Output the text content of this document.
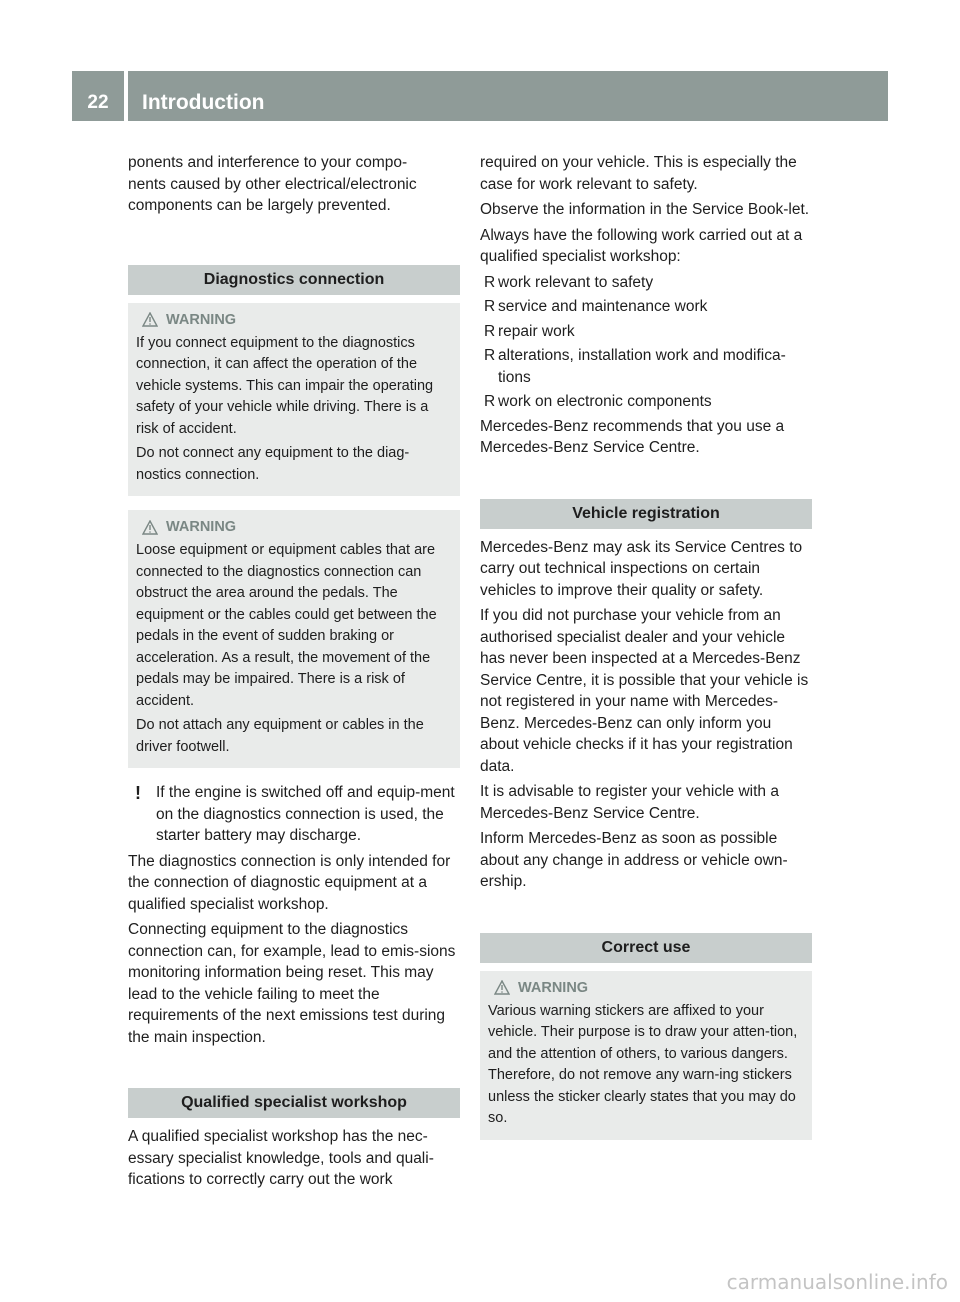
22	Introduction

ponents and interference to your compo-
nents caused by other electrical/electronic
components can be largely prevented.

Diagnostics connection
WARNING

If you connect equipment to the diagnostics connection, it can affect the operation of the vehicle systems. This can impair the operating safety of your vehicle while driving. There is a risk of accident.

Do not connect any equipment to the diag-nostics connection.

WARNING

Loose equipment or equipment cables that are connected to the diagnostics connection can obstruct the area around the pedals. The equipment or the cables could get between the pedals in the event of sudden braking or acceleration. As a result, the movement of the pedals may be impaired. There is a risk of accident.

Do not attach any equipment or cables in the driver footwell.

! If the engine is switched off and equip-ment on the diagnostics connection is used, the starter battery may discharge.

The diagnostics connection is only intended for the connection of diagnostic equipment at a qualified specialist workshop.

Connecting equipment to the diagnostics connection can, for example, lead to emis-sions monitoring information being reset. This may lead to the vehicle failing to meet the requirements of the next emissions test during the main inspection.

Qualified specialist workshop

A qualified specialist workshop has the nec-essary specialist knowledge, tools and quali-fications to correctly carry out the work

required on your vehicle. This is especially the case for work relevant to safety.

Observe the information in the Service Book-let.

Always have the following work carried out at a qualified specialist workshop:

R work relevant to safety
R service and maintenance work
R repair work
R alterations, installation work and modifica-tions
R work on electronic components

Mercedes-Benz recommends that you use a Mercedes-Benz Service Centre.

Vehicle registration

Mercedes-Benz may ask its Service Centres to carry out technical inspections on certain vehicles to improve their quality or safety.

If you did not purchase your vehicle from an authorised specialist dealer and your vehicle has never been inspected at a Mercedes-Benz Service Centre, it is possible that your vehicle is not registered in your name with Mercedes-Benz. Mercedes-Benz can only inform you about vehicle checks if it has your registration data.

It is advisable to register your vehicle with a Mercedes-Benz Service Centre.

Inform Mercedes-Benz as soon as possible about any change in address or vehicle own-ership.

Correct use
WARNING

Various warning stickers are affixed to your vehicle. Their purpose is to draw your atten-tion, and the attention of others, to various dangers. Therefore, do not remove any warn-ing stickers unless the sticker clearly states that you may do so.

carmanualsonline.info
